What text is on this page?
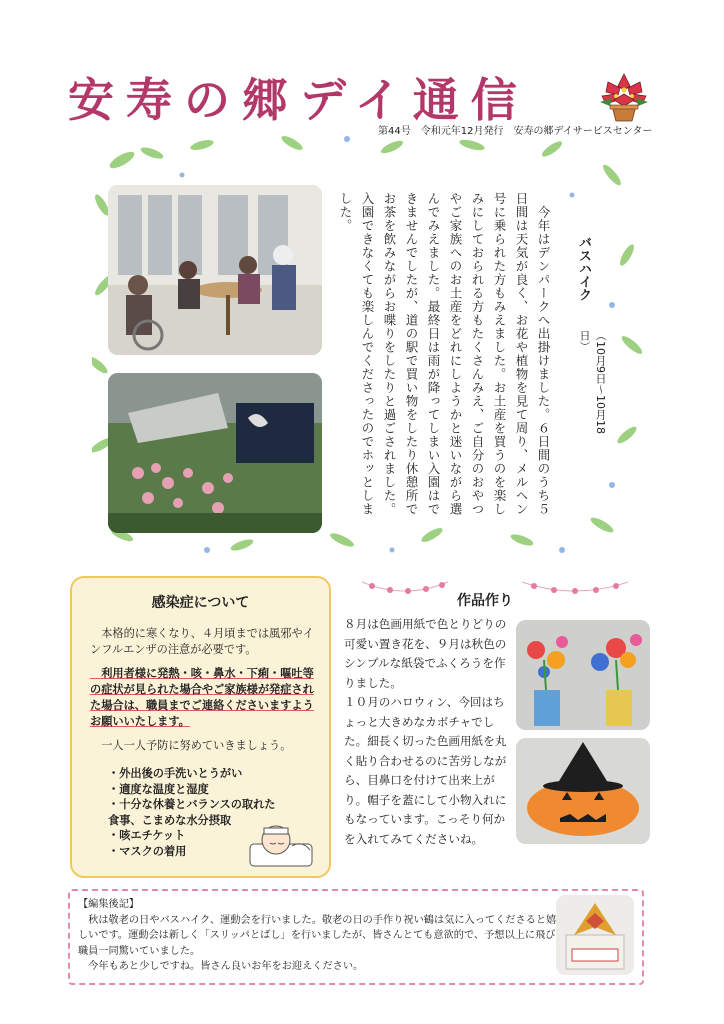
安寿の郷デイ通信
第44号　令和元年12月発行　安寿の郷デイサービスセンター
バスハイク
（10月9日〜10月18日）
　今年はデンパークへ出掛けました。６日間のうち５日間は天気が良く、お花や植物を見て周り、メルヘン号に乗られた方もみえました。お土産を買うのを楽しみにしておられる方もたくさんみえ、ご自分のおやつやご家族へのお土産をどれにしようかと迷いながら選んでみえました。最終日は雨が降ってしまい入園はできませんでしたが、道の駅で買い物をしたり休憩所でお茶を飲みながらお喋りをしたりと過ごされました。入園できなくても楽しんでくださったのでホッとしました。
感染症について
　本格的に寒くなり、４月頃までは風邪やインフルエンザの注意が必要です。
　利用者様に発熱・咳・鼻水・下痢・嘔吐等の症状が見られた場合やご家族様が発症された場合は、職員までご連絡くださいますようお願いいたします。
　一人一人予防に努めていきましょう。
・外出後の手洗いとうがい
・適度な温度と湿度
・十分な休養とバランスの取れた食事、こまめな水分摂取
・咳エチケット
・マスクの着用
作品作り
８月は色画用紙で色とりどりの可愛い置き花を、９月は秋色のシンプルな紙袋でふくろうを作りました。
１０月のハロウィン、今回はちょっと大きめなカボチャでした。細長く切った色画用紙を丸く貼り合わせるのに苦労しながら、目鼻口を付けて出来上がり。帽子を蓋にして小物入れにもなっています。こっそり何かを入れてみてくださいね。
【編集後記】
　秋は敬老の日やバスハイク、運動会を行いました。敬老の日の手作り祝い鶴は気に入ってくださると嬉しいです。運動会は新しく「スリッパとばし」を行いましたが、皆さんとても意欲的で、予想以上に飛び職員一同驚いていました。
　今年もあと少しですね。皆さん良いお年をお迎えください。
